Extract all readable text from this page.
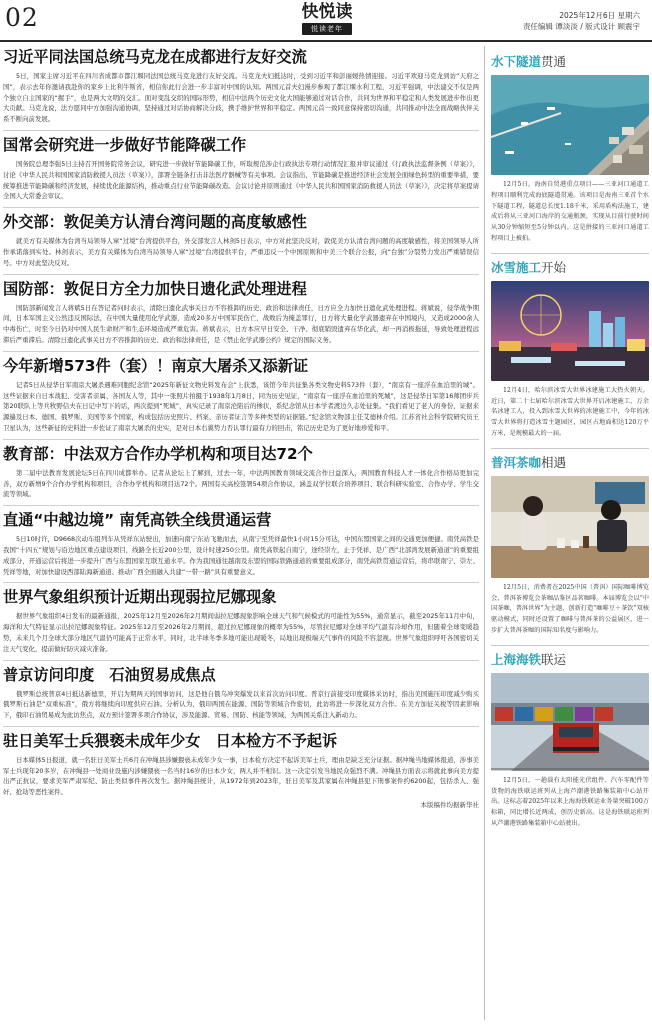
02	快悦读
悦读老年
2025年12月6日 星期六
责任编辑 谭淡淡 / 版式设计 顾震宇
习近平同法国总统马克龙在成都进行友好交流

5日，国家主席习近平在四川省成都市都江堰同法国总统马克龙进行友好交流。马克龙夫妇抵达时，受到习近平和彭丽媛热情迎接。习近平欢迎马克龙到访“天府之国”，表示去年你邀请我赴你的家乡上比利牛斯省，相信你此行会进一步丰富对中国的认知。两国元首夫妇漫步参观了都江堰水利工程，习近平强调，中法建交不仅是两个独立自主国家的“握手”，也是两大文明的交汇。面对变乱交织的国际形势，相信中法两个历史文化大国能够通过对话合作，共同为世界和平稳定和人类发展进步作出更大贡献。马克龙说，法方愿同中方加强沟通协调，坚持通过对话协商解决分歧，携手维护世界和平稳定。两国元首一致同意保持密切沟通，共同推动中法全面战略伙伴关系不断向前发展。

国常会研究进一步做好节能降碳工作

国务院总理李强5日主持召开国务院常务会议，研究进一步做好节能降碳工作，听取规范涉企行政执法专项行动情况汇报并审议通过《行政执法监督条例（草案）》，讨论《中华人民共和国国家消防救援人员法（草案）》，部署全链条打击非法医疗器械等有关事项。会议指出，节能降碳是推进经济社会发展全面绿色转型的重要举措，要统筹推进节能降碳和经济发展，持续优化能源结构，推动重点行业节能降碳改造。会议讨论并原则通过《中华人民共和国国家消防救援人员法（草案）》，决定将草案提请全国人大常委会审议。

外交部：敦促美方认清台湾问题的高度敏感性

就美方有关媒体为台湾当局领导人窜“过境”台湾提供平台，外交部发言人林剑5日表示，中方对此坚决反对，敦促美方认清台湾问题的高度敏感性，将美国领导人所作承诺落到实处。林剑表示，美方有关媒体为台湾当局领导人窜“过境”台湾提供平台，严重违反一个中国原则和中美三个联合公报，向“台独”分裂势力发出严重错误信号。中方对此坚决反对。

国防部：敦促日方全力加快日遗化武处理进程

国防部新闻发言人蒋斌5日在答记者问时表示，清除日遗化武事关日方不容推卸的历史、政治和法律责任，日方应全力加快日遗化武处理进程。蒋斌说，侵华战争期间，日本军国主义公然违反国际法，在中国大量使用化学武器，造成20多万中国军民伤亡，战败后为掩盖罪行，日方将大量化学武器遗弃在中国境内，又造成2000余人中毒伤亡，时至今日仍对中国人民生命财产和生态环境造成严重危害。蒋斌表示，日方本应早日安全、干净、彻底销毁遗弃在华化武，却一再消极拖延，导致处理进程远滞后严重滞后。清除日遗化武事关日方不容推卸的历史、政治和法律责任，是《禁止化学武器公约》规定的国际义务。

今年新增573件（套）！南京大屠杀又添新证

记者5日从侵华日军南京大屠杀遇难同胞纪念馆“2025年新征文物史料发布会”上获悉，该馆今年共征集各类文物史料573件（套），“南京有一座浮在血泊里的城”。这些证据来自日本战犯、受害者亲属、各国友人等，其中一张照片拍摄于1938年1月8日，同为历史见证，“南京有一座浮在血泊里的死城”，这是侵华日军第16师团步兵第20联队上等兵牧野信夫在日记中写下的话，两次提到“死城”，真实记录了南京沦陷后的惨状，系纪念馆从日本学者渡边久志处征集。“我们看见了老人的身份，证据来源遍及日本、德国、俄罗斯、美国等多个国家，构成包括历史照片、档案、亲历者证言等多种类型的证据链。”纪念馆文物部主任艾德林介绍。江苏省社会科学院研究员王卫星认为，这些新征的史料进一步佐证了南京大屠杀的史实，是对日本右翼势力否认罪行最有力的回击，铭记历史是为了更好地珍爱和平。

教育部：中法双方合作办学机构和项目达72个

第二届中法教育发展论坛5日在四川成都举办。记者从论坛上了解到，过去一年，中法两国教育领域交流合作日益深入，两国教育科技人才一体化合作格局更加完善，双方新增9个合作办学机构和项目，合作办学机构和项目达72个。两国有关高校签署54项合作协议，涵盖双学位联合培养项目、联合科研实验室、合作办学、学生交流等领域。

直通“中越边境” 南凭高铁全线贯通运营

5日10时许，D9668次动车组列车从凭祥东站驶出，加速向南宁东站飞驰而去，从南宁至凭祥最快1小时15分可达，中国东盟国家之间的交通更加便捷。南凭高铁是我国“十四五”规划与沿边地区重点建设项目，线路全长近200公里，设计时速250公里。南凭高铁起自南宁，途经崇左，止于凭祥，是广西“北部湾发展新通道”的重要组成部分，开通运营后将进一步提升广西与东盟国家互联互通水平。作为我国通往越南及东盟的国际铁路通道的重要组成部分，南凭高铁贯通运营后，将串联南宁、崇左、凭祥等地，对加快建设西部陆海新通道、推动广西全面融入共建“一带一路”具有重要意义。

世界气象组织预计近期出现弱拉尼娜现象

据世界气象组织4日发布的最新通报，2025年12月至2026年2月期间弱拉尼娜现象影响全球天气和气候模式的可能性为55%，通常显示，截至2025年11月中旬，海洋和大气特征显示出拉尼娜现象特征。2025年12月至2026年2月期间，超过拉尼娜现象的概率为55%，尽管拉尼娜对全球平均气温有冷却作用，但随着全球变暖趋势，未来几个月全球大部分地区气温仍可能高于正常水平，同时，北半球冬季多地可能出现暖冬，局地出现极端天气事件的风险不容忽视。世界气象组织呼吁各国密切关注天气变化，提前做好防灾减灾准备。

普京访问印度　石油贸易成焦点

俄罗斯总统普京4日抵达新德里，开启为期两天的国事访问，这是他自俄乌冲突爆发以来首次访问印度。普京行前接受印度媒体采访时，指出美国施压印度减少购买俄罗斯石油是“双重标准”，俄方将继续向印度供应石油。分析认为，俄印两国在能源、国防等领域合作密切，此访将进一步深化双方合作。在美方加征关税等因素影响下，俄印石油贸易成为此访焦点，双方预计签署多项合作协议，涉及能源、贸易、国防、核能等领域，为两国关系注入新动力。

驻日美军士兵猥亵未成年少女　日本检方不予起诉

日本媒体5日报道，就一名驻日美军士兵6月在冲绳县涉嫌猥亵未成年少女一事，日本检方决定不起诉美军士兵，理由是缺乏充分证据。据冲绳当地媒体报道，涉事美军士兵现年20多岁，在冲绳县一处商业设施内涉嫌猥亵一名当时16岁的日本少女，两人并不相识。这一决定引发当地民众强烈不满。冲绳县方面表示将就此事向美方提出严正抗议，要求美军严肃军纪、防止类似事件再次发生。据冲绳县统计，从1972年到2023年，驻日美军及其家属在冲绳县犯下刑事案件约6200起，包括杀人、强奸、抢劫等恶性案件。

本版稿件均据新华社
水下隧道贯通

12月5日，海南自贸港重点项目——三亚河口通道工程项目顺利完成海底隧道贯通。该项目是海南三亚首个水下隧道工程，隧道总长度1.18千米，采用盾构法施工，建成后将从三亚河口海岸的交通瓶颈，实现从目前行驶时间从30分钟缩短至5分钟以内。这是拼接的三亚河口通道工程项目上被拍。

冰雪施工开始

12月4日，哈尔滨冰雪大世界冰建施工大热火朝天。近日，第二十七届哈尔滨冰雪大世界开启冰建施工，万余名冰建工人，投入到冰雪大世界的冰建施工中，今年的冰雪大世界将打造冰雪主题园区，园区占地面积达120万平方米，是规模最大的一届。

普洱茶咖相遇

12月5日，消费者在2025中国（普洱）国际咖啡博览会、普洱茶博览会茶咖品鉴区品茗咖啡。本届博览会以“中国茶咖，普洱世界”为主题，创新打造“咖啡豆＋茶饮”双核驱动模式，同时还设置了咖啡与普洱茶的公益展区，进一步扩大普洱茶咖的国际知名度与影响力。

上海海铁联运

12月5日，一趟载有太阳能光伏组件、汽车零配件等货物的海铁联运班列从上海芦潮港铁路集装箱中心站开出。这标志着2025年以来上海海铁联运业务量突破100万标箱，同比增长近两成，创历史新高。这是海铁联运班列从芦潮港铁路集装箱中心站驶出。
